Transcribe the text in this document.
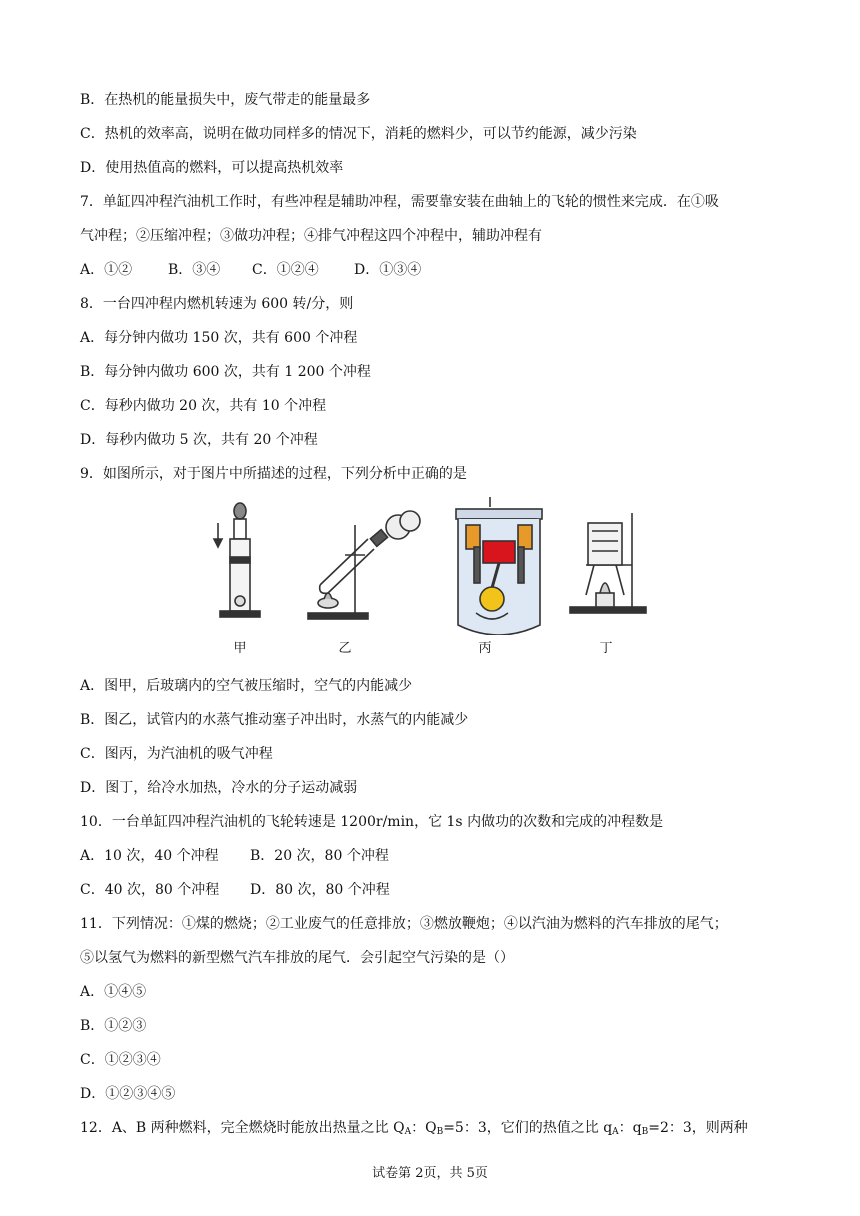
B．在热机的能量损失中，废气带走的能量最多
C．热机的效率高，说明在做功同样多的情况下，消耗的燃料少，可以节约能源，减少污染
D．使用热值高的燃料，可以提高热机效率
7．单缸四冲程汽油机工作时，有些冲程是辅助冲程，需要靠安装在曲轴上的飞轮的惯性来完成．在①吸
气冲程；②压缩冲程；③做功冲程；④排气冲程这四个冲程中，辅助冲程有
A．①②	B．③④ C．①②④	D．①③④
8．一台四冲程内燃机转速为 600 转/分，则
A．每分钟内做功 150 次，共有 600 个冲程
B．每分钟内做功 600 次，共有 1 200 个冲程
C．每秒内做功 20 次，共有 10 个冲程
D．每秒内做功 5 次，共有 20 个冲程
9．如图所示，对于图片中所描述的过程，下列分析中正确的是
甲	乙	丙	丁
A．图甲，后玻璃内的空气被压缩时，空气的内能减少
B．图乙，试管内的水蒸气推动塞子冲出时，水蒸气的内能减少
C．图丙，为汽油机的吸气冲程
D．图丁，给冷水加热，冷水的分子运动减弱
10．一台单缸四冲程汽油机的飞轮转速是 1200r/min，它 1s 内做功的次数和完成的冲程数是
A．10 次，40 个冲程 B．20 次，80 个冲程
C．40 次，80 个冲程 D．80 次，80 个冲程
11．下列情况：①煤的燃烧；②工业废气的任意排放；③燃放鞭炮；④以汽油为燃料的汽车排放的尾气；
⑤以氢气为燃料的新型燃气汽车排放的尾气．会引起空气污染的是（）
A．①④⑤
B．①②③
C．①②③④
D．①②③④⑤
12．A、B 两种燃料，完全燃烧时能放出热量之比 $Q_A$：$Q_B=5$：3，它们的热值之比 $q_A$：$q_B=2$：3，则两种
试卷第 2页，共 5页
